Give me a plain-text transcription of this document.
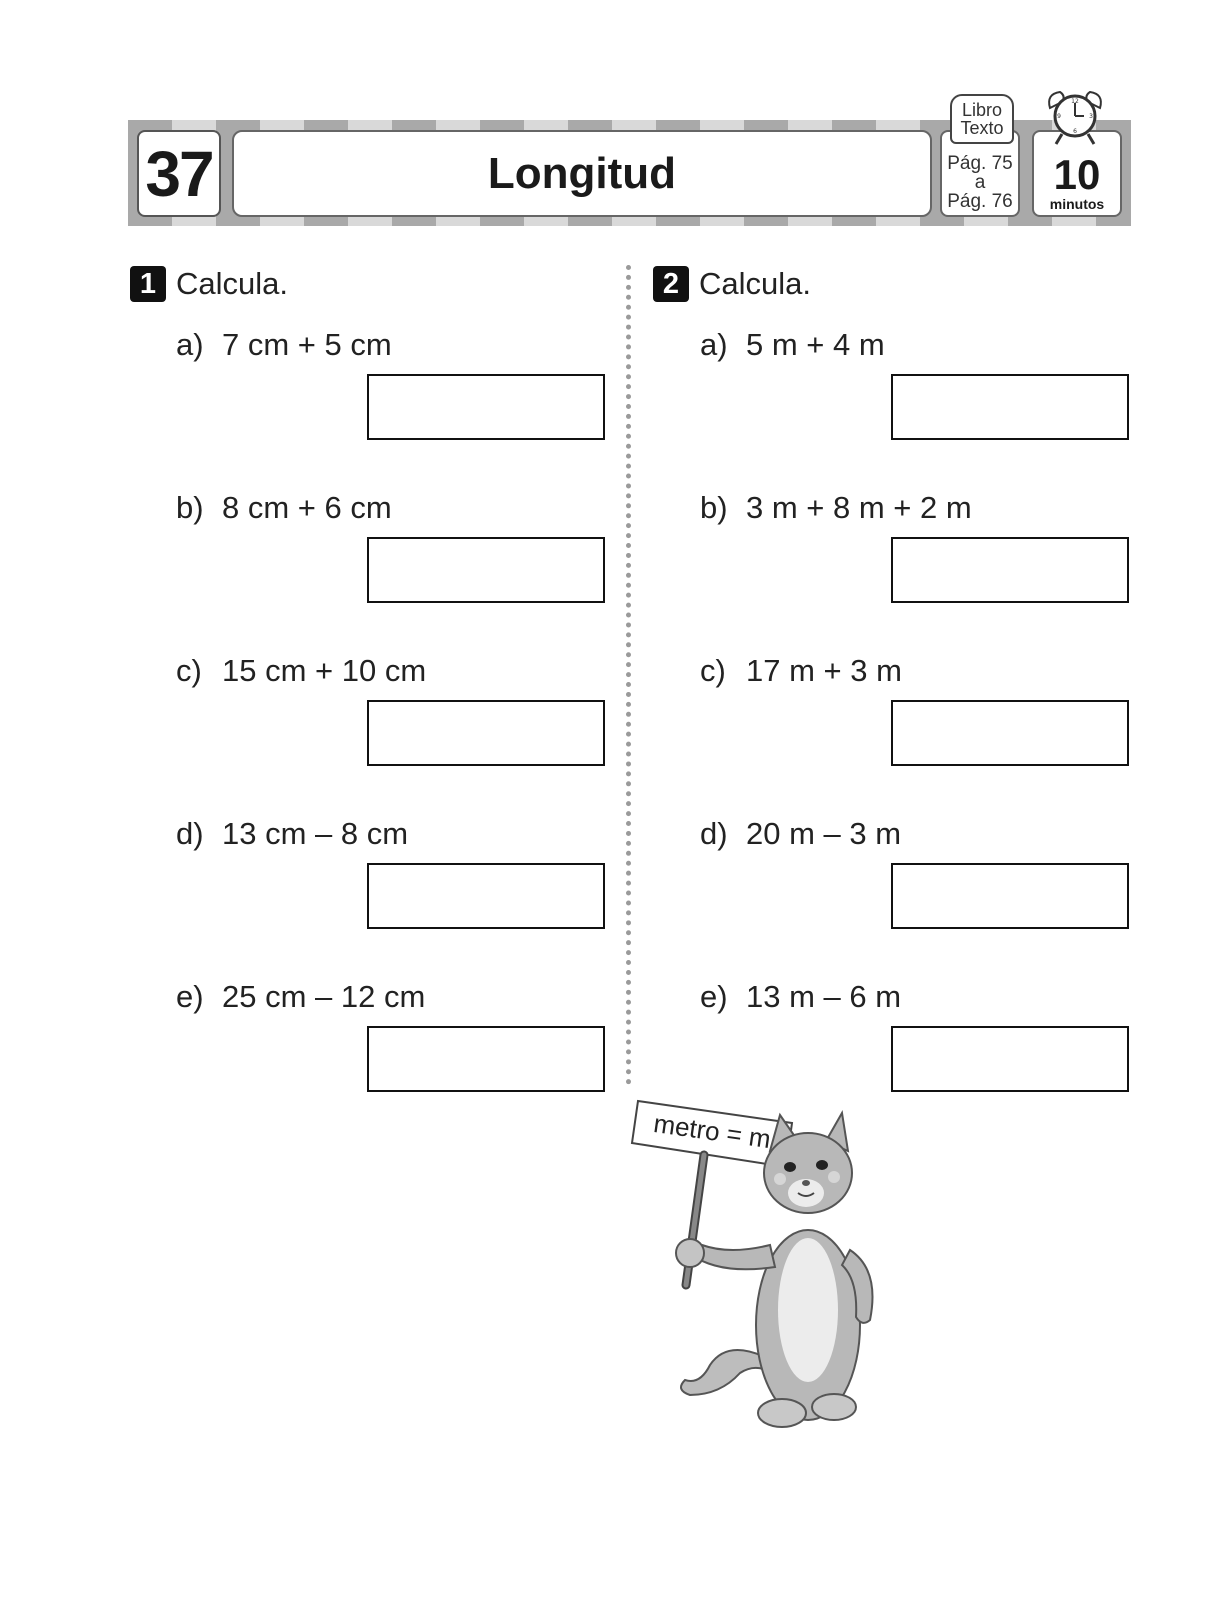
37	Longitud	Pág. 75
a
Pág. 76
Libro
Texto
10
minutos
12
3
6
9
1 Calcula.
a) 7 cm + 5 cm
b) 8 cm + 6 cm
c) 15 cm + 10 cm
d) 13 cm – 8 cm
e) 25 cm – 12 cm
2 Calcula.
a) 5 m + 4 m
b) 3 m + 8 m + 2 m
c) 17 m + 3 m
d) 20 m – 3 m
e) 13 m – 6 m
metro = m
